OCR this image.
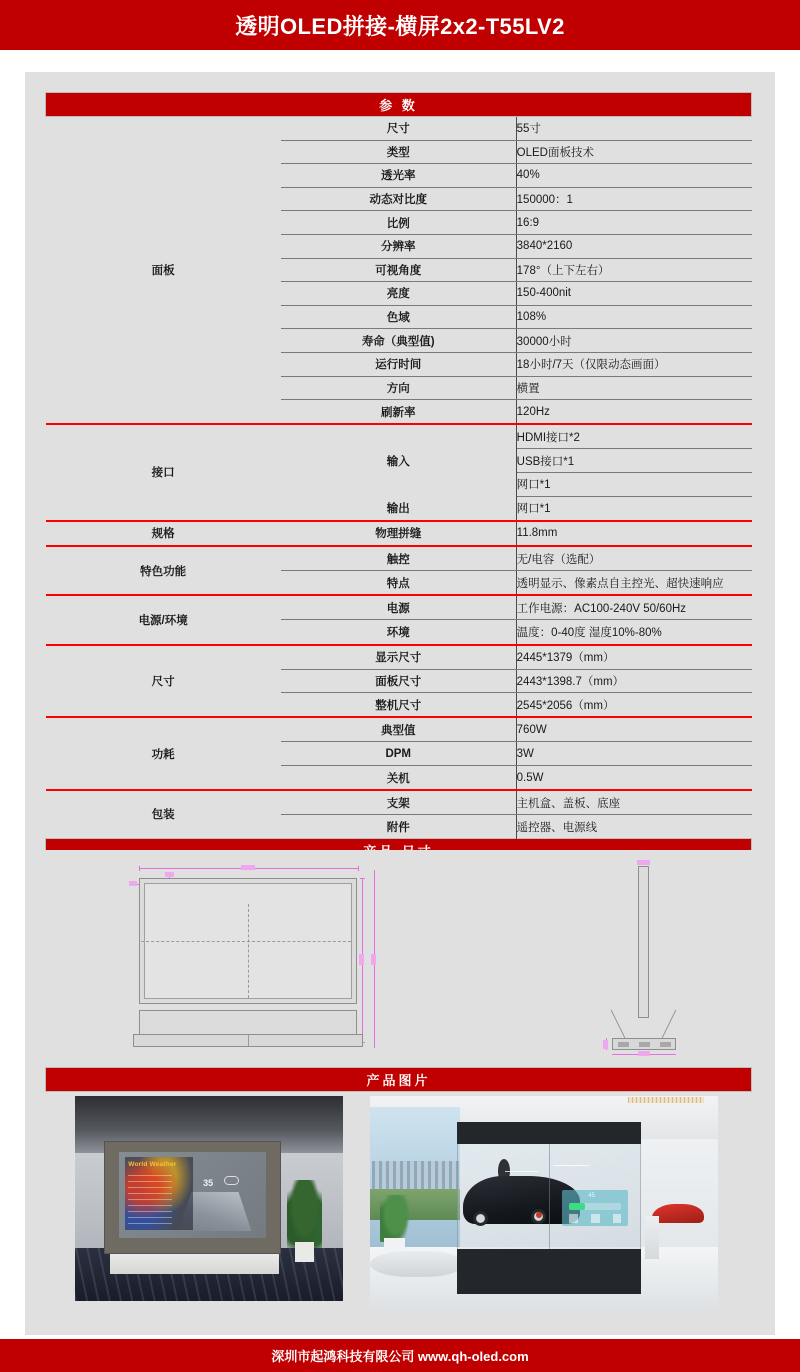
透明OLED拼接-横屏2x2-T55LV2
参 数		
面板	尺寸	55寸
	类型	OLED面板技术
	透光率	40%
	动态对比度	150000：1
	比例	16:9
	分辨率	3840*2160
	可视角度	178°（上下左右）
	亮度	150-400nit
	色域	108%
	寿命（典型值)	30000小时
	运行时间	18小时/7天（仅限动态画面）
	方向	横置
	刷新率	120Hz

接口	输入	HDMI接口*2
		USB接口*1
		网口*1
	输出	网口*1

规格	物理拼缝	11.8mm

特色功能	触控	无/电容（选配）
	特点	透明显示、像素点自主控光、超快速响应

电源/环境	电源	工作电源：AC100-240V 50/60Hz
	环境	温度：0-40度 湿度10%-80%

尺寸	显示尺寸	2445*1379（mm）
	面板尺寸	2443*1398.7（mm）
	整机尺寸	2545*2056（mm）

功耗	典型值	760W
	DPM	3W
	关机	0.5W

包装	支架	主机盒、盖板、底座
	附件	遥控器、电源线

产品图片
World Weather
35
45
深圳市起鸿科技有限公司 www.qh-oled.com
